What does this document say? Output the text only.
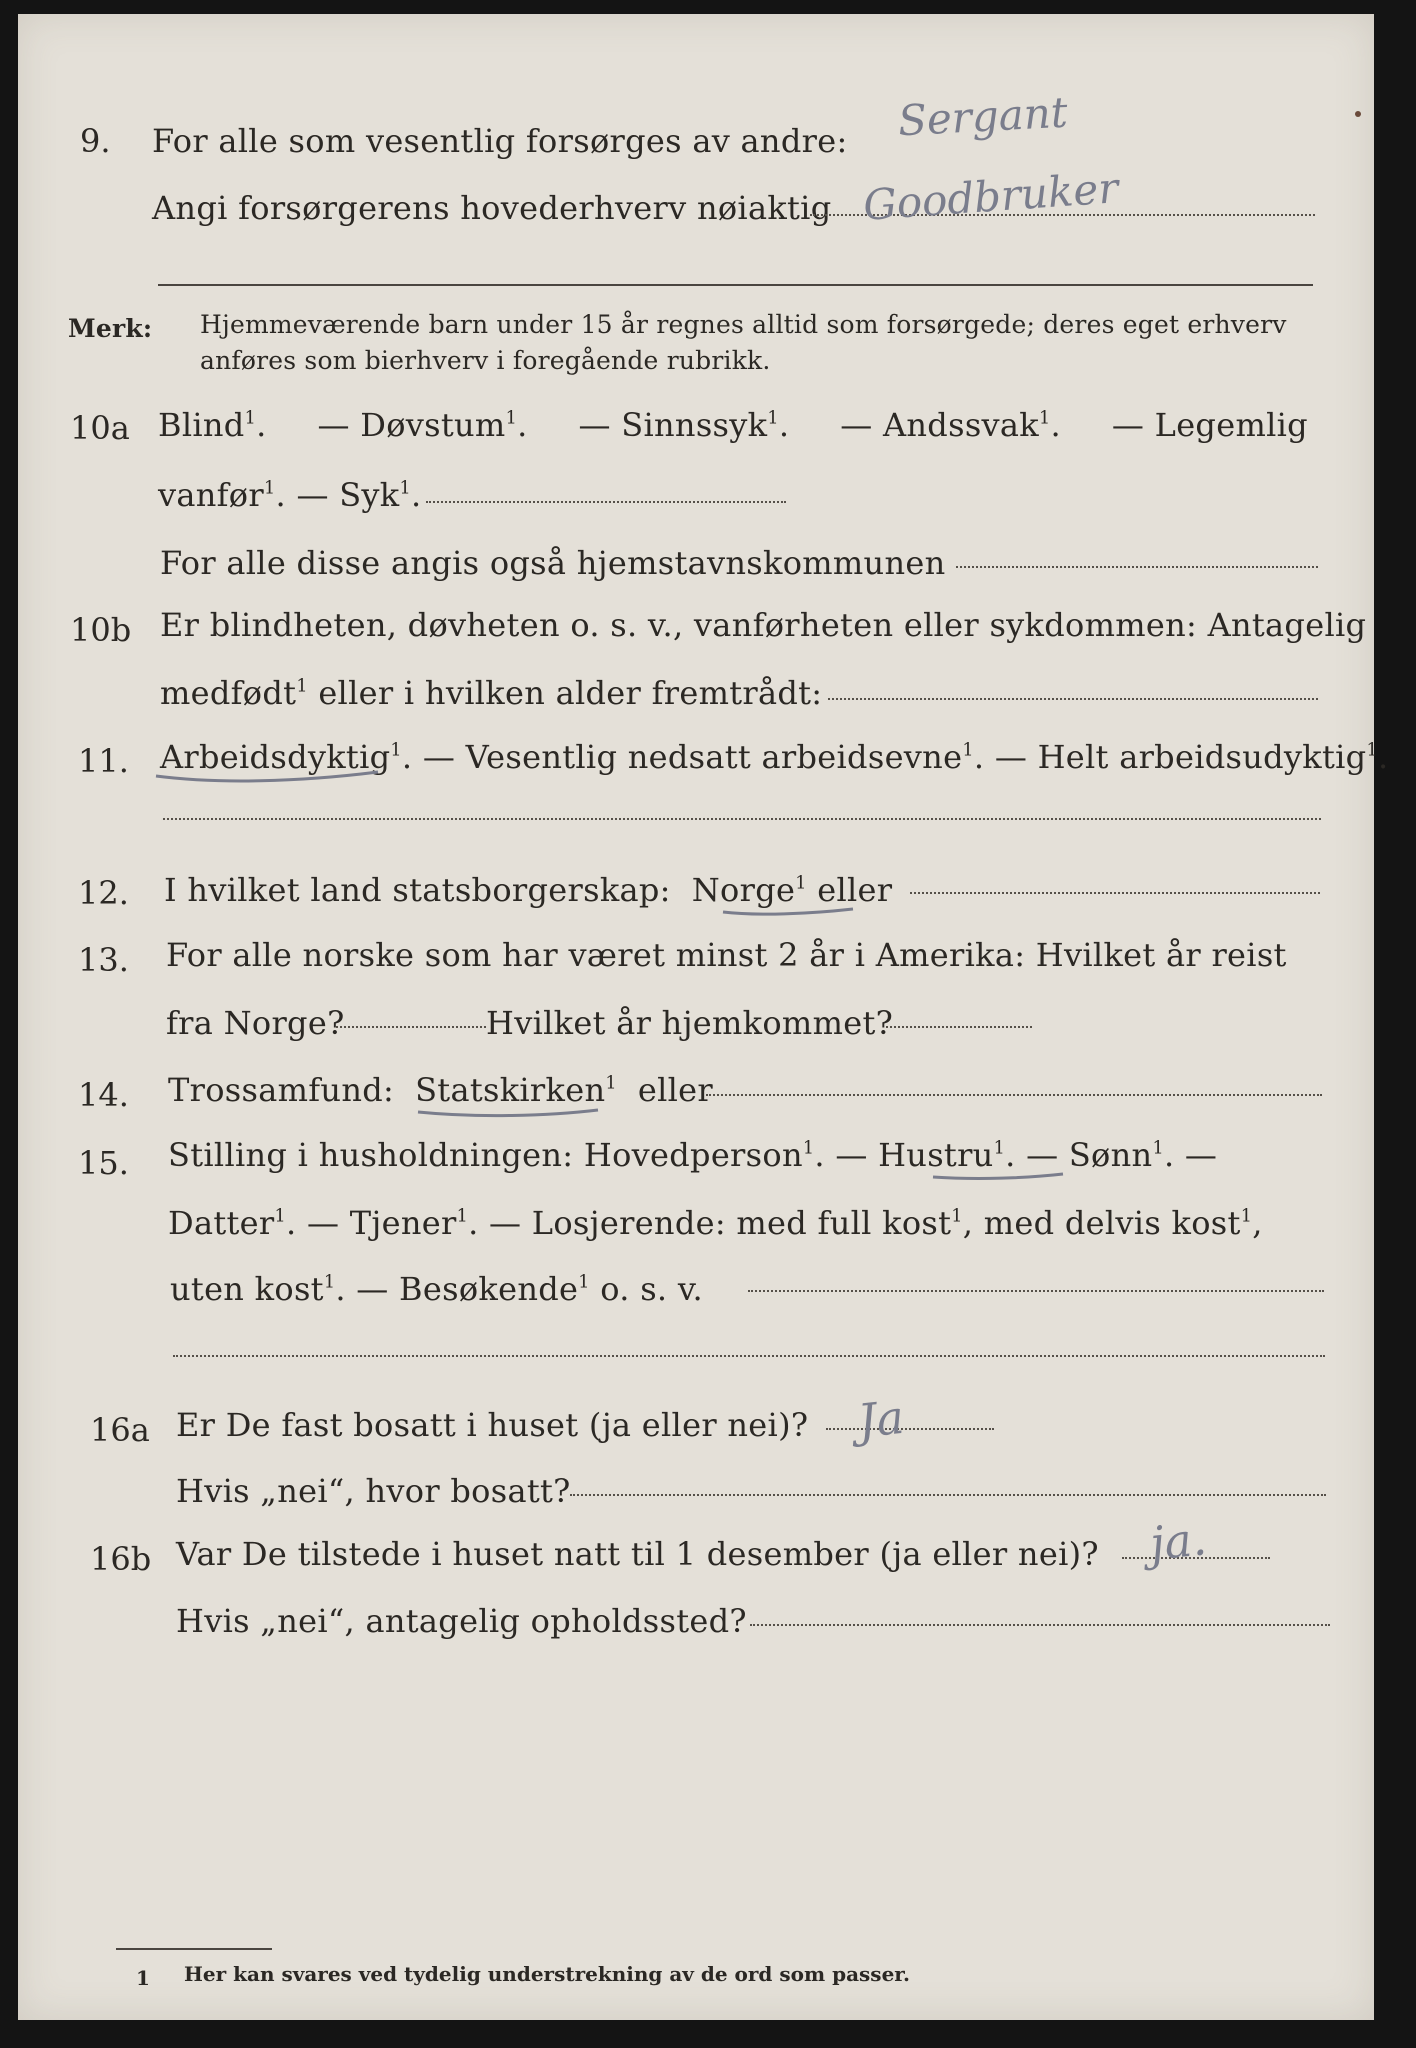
9. For alle som vesentlig forsørges av andre:
Angi forsørgerens hovederhverv nøiaktig
Sergant
Goodbruker
Merk: Hjemmeværende barn under 15 år regnes alltid som forsørgede; deres eget erhverv
anføres som bierhverv i foregående rubrikk.
10a Blind$^1$. — Døvstum$^1$. — Sinnssyk$^1$. — Andssvak$^1$. — Legemlig
vanfør$^1$. — Syk$^1$.
For alle disse angis også hjemstavnskommunen
10b Er blindheten, døvheten o. s. v., vanførheten eller sykdommen: Antagelig
medfødt$^1$ eller i hvilken alder fremtrådt:
11. Arbeidsdyktig$^1$. — Vesentlig nedsatt arbeidsevne$^1$. — Helt arbeidsudyktig$^1$.
12. I hvilket land statsborgerskap: Norge$^1$ eller
13. For alle norske som har været minst 2 år i Amerika: Hvilket år reist
fra Norge?	Hvilket år hjemkommet?
14. Trossamfund: Statskirken$^1$ eller
15. Stilling i husholdningen: Hovedperson$^1$. — Hustru$^1$. — Sønn$^1$. —
Datter$^1$. — Tjener$^1$. — Losjerende: med full kost$^1$, med delvis kost$^1$,
uten kost$^1$. — Besøkende$^1$ o. s. v.
16a Er De fast bosatt i huset (ja eller nei)? Ja
Hvis „nei“, hvor bosatt?
16b Var De tilstede i huset natt til 1 desember (ja eller nei)? ja.
Hvis „nei“, antagelig opholdssted?
1 Her kan svares ved tydelig understrekning av de ord som passer.
